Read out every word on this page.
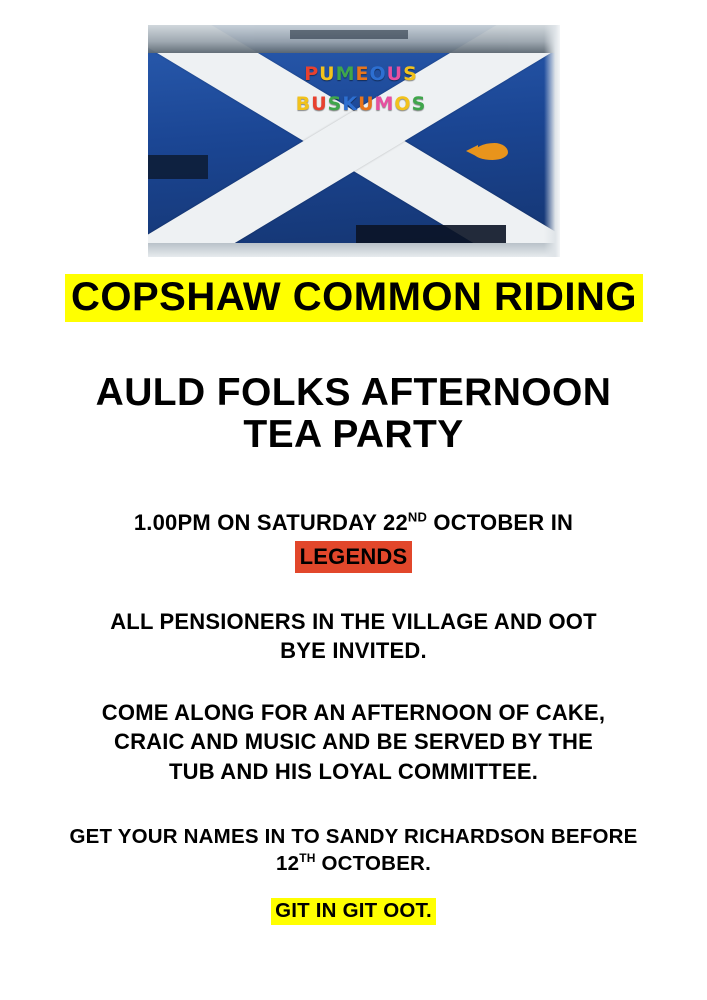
PUMEOUS
BUSKUMOS
COPSHAW COMMON RIDING
AULD FOLKS AFTERNOON
TEA PARTY
1.00PM ON SATURDAY 22ND OCTOBER IN
LEGENDS
ALL PENSIONERS IN THE VILLAGE AND OOT
BYE INVITED.
COME ALONG FOR AN AFTERNOON OF CAKE,
CRAIC AND MUSIC AND BE SERVED BY THE
TUB AND HIS LOYAL COMMITTEE.
GET YOUR NAMES IN TO SANDY RICHARDSON BEFORE
12TH OCTOBER.
GIT IN GIT OOT.
